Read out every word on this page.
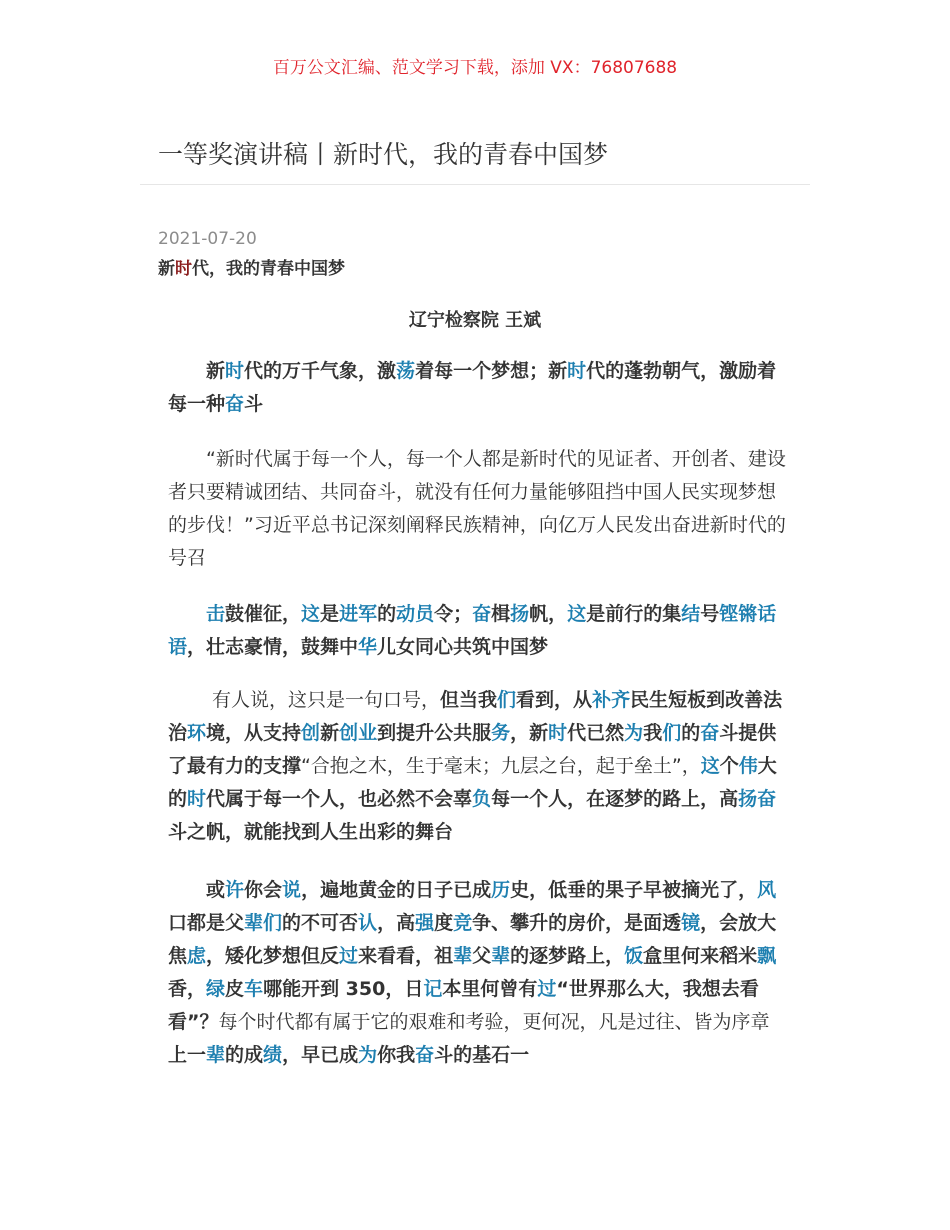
百万公文汇编、范文学习下载，添加 VX：76807688
一等奖演讲稿丨新时代，我的青春中国梦
2021-07-20
新时代，我的青春中国梦
辽宁检察院 王斌
新时代的万千气象，激荡着每一个梦想；新时代的蓬勃朝气，激励着每一种奋斗
“新时代属于每一个人，每一个人都是新时代的见证者、开创者、建设者只要精诚团结、共同奋斗，就没有任何力量能够阻挡中国人民实现梦想的步伐！”习近平总书记深刻阐释民族精神，向亿万人民发出奋进新时代的号召
击鼓催征，这是进军的动员令；奋楫扬帆，这是前行的集结号铿锵话语，壮志豪情，鼓舞中华儿女同心共筑中国梦
有人说，这只是一句口号，但当我们看到，从补齐民生短板到改善法治环境，从支持创新创业到提升公共服务，新时代已然为我们的奋斗提供了最有力的支撑“合抱之木，生于毫末；九层之台，起于垒土”，这个伟大的时代属于每一个人，也必然不会辜负每一个人，在逐梦的路上，高扬奋斗之帆，就能找到人生出彩的舞台
或许你会说，遍地黄金的日子已成历史，低垂的果子早被摘光了，风口都是父辈们的不可否认，高强度竞争、攀升的房价，是面透镜，会放大焦虑，矮化梦想但反过来看看，祖辈父辈的逐梦路上，饭盒里何来稻米飘香，绿皮车哪能开到 350，日记本里何曾有过“世界那么大，我想去看看”？每个时代都有属于它的艰难和考验，更何况，凡是过往、皆为序章上一辈的成绩，早已成为你我奋斗的基石一
